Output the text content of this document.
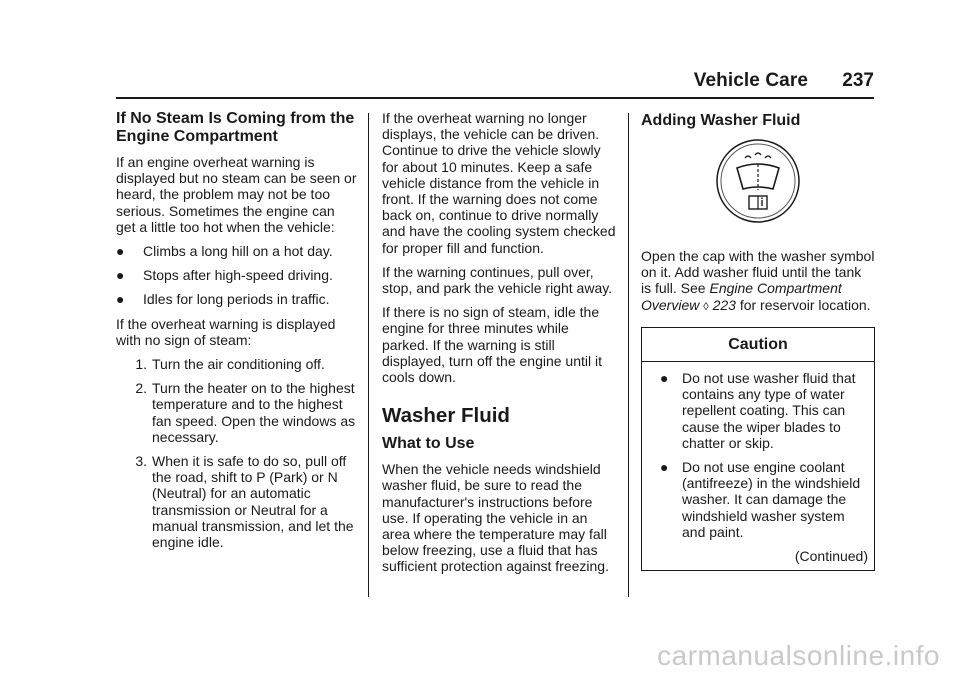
Vehicle Care 237
If No Steam Is Coming from the Engine Compartment

If an engine overheat warning is displayed but no steam can be seen or heard, the problem may not be too serious. Sometimes the engine can get a little too hot when the vehicle:

● Climbs a long hill on a hot day.
● Stops after high-speed driving.
● Idles for long periods in traffic.

If the overheat warning is displayed with no sign of steam:

1. Turn the air conditioning off.
2. Turn the heater on to the highest temperature and to the highest fan speed. Open the windows as necessary.
3. When it is safe to do so, pull off the road, shift to P (Park) or N (Neutral) for an automatic transmission or Neutral for a manual transmission, and let the engine idle.

If the overheat warning no longer displays, the vehicle can be driven. Continue to drive the vehicle slowly for about 10 minutes. Keep a safe vehicle distance from the vehicle in front. If the warning does not come back on, continue to drive normally and have the cooling system checked for proper fill and function.

If the warning continues, pull over, stop, and park the vehicle right away.

If there is no sign of steam, idle the engine for three minutes while parked. If the warning is still displayed, turn off the engine until it cools down.

Washer Fluid
What to Use

When the vehicle needs windshield washer fluid, be sure to read the manufacturer's instructions before use. If operating the vehicle in an area where the temperature may fall below freezing, use a fluid that has sufficient protection against freezing.

Adding Washer Fluid

Open the cap with the washer symbol on it. Add washer fluid until the tank is full. See Engine Compartment Overview ◊ 223 for reservoir location.

Caution
● Do not use washer fluid that contains any type of water repellent coating. This can cause the wiper blades to chatter or skip.
● Do not use engine coolant (antifreeze) in the windshield washer. It can damage the windshield washer system and paint.
(Continued)
carmanualsonline.info
